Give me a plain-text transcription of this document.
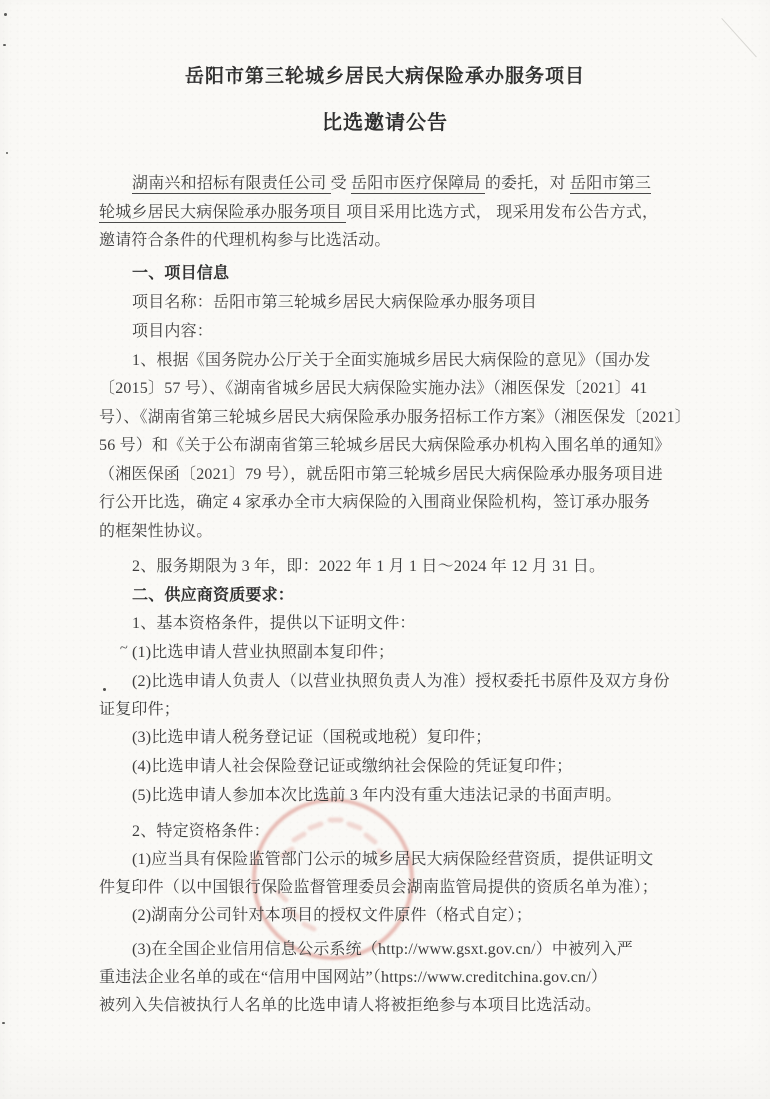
岳阳市第三轮城乡居民大病保险承办服务项目
比选邀请公告
湖南兴和招标有限责任公司 受 岳阳市医疗保障局 的委托，对 岳阳市第三
轮城乡居民大病保险承办服务项目 项目采用比选方式， 现采用发布公告方式，
邀请符合条件的代理机构参与比选活动。
一、项目信息
项目名称：岳阳市第三轮城乡居民大病保险承办服务项目
项目内容：
1、根据《国务院办公厅关于全面实施城乡居民大病保险的意见》（国办发
〔2015〕57 号）、《湖南省城乡居民大病保险实施办法》（湘医保发〔2021〕41
号）、《湖南省第三轮城乡居民大病保险承办服务招标工作方案》（湘医保发〔2021〕
56 号）和《关于公布湖南省第三轮城乡居民大病保险承办机构入围名单的通知》
（湘医保函〔2021〕79 号），就岳阳市第三轮城乡居民大病保险承办服务项目进
行公开比选，确定 4 家承办全市大病保险的入围商业保险机构，签订承办服务
的框架性协议。
2、服务期限为 3 年，即：2022 年 1 月 1 日～2024 年 12 月 31 日。
二、供应商资质要求：
1、基本资格条件，提供以下证明文件：
(1)比选申请人营业执照副本复印件；
(2)比选申请人负责人（以营业执照负责人为准）授权委托书原件及双方身份
证复印件；
(3)比选申请人税务登记证（国税或地税）复印件；
(4)比选申请人社会保险登记证或缴纳社会保险的凭证复印件；
(5)比选申请人参加本次比选前 3 年内没有重大违法记录的书面声明。
2、特定资格条件：
(1)应当具有保险监管部门公示的城乡居民大病保险经营资质，提供证明文
件复印件（以中国银行保险监督管理委员会湖南监管局提供的资质名单为准）；
(2)湖南分公司针对本项目的授权文件原件（格式自定）；
(3)在全国企业信用信息公示系统（http://www.gsxt.gov.cn/）中被列入严
重违法企业名单的或在“信用中国网站”（https://www.creditchina.gov.cn/）
被列入失信被执行人名单的比选申请人将被拒绝参与本项目比选活动。
~
